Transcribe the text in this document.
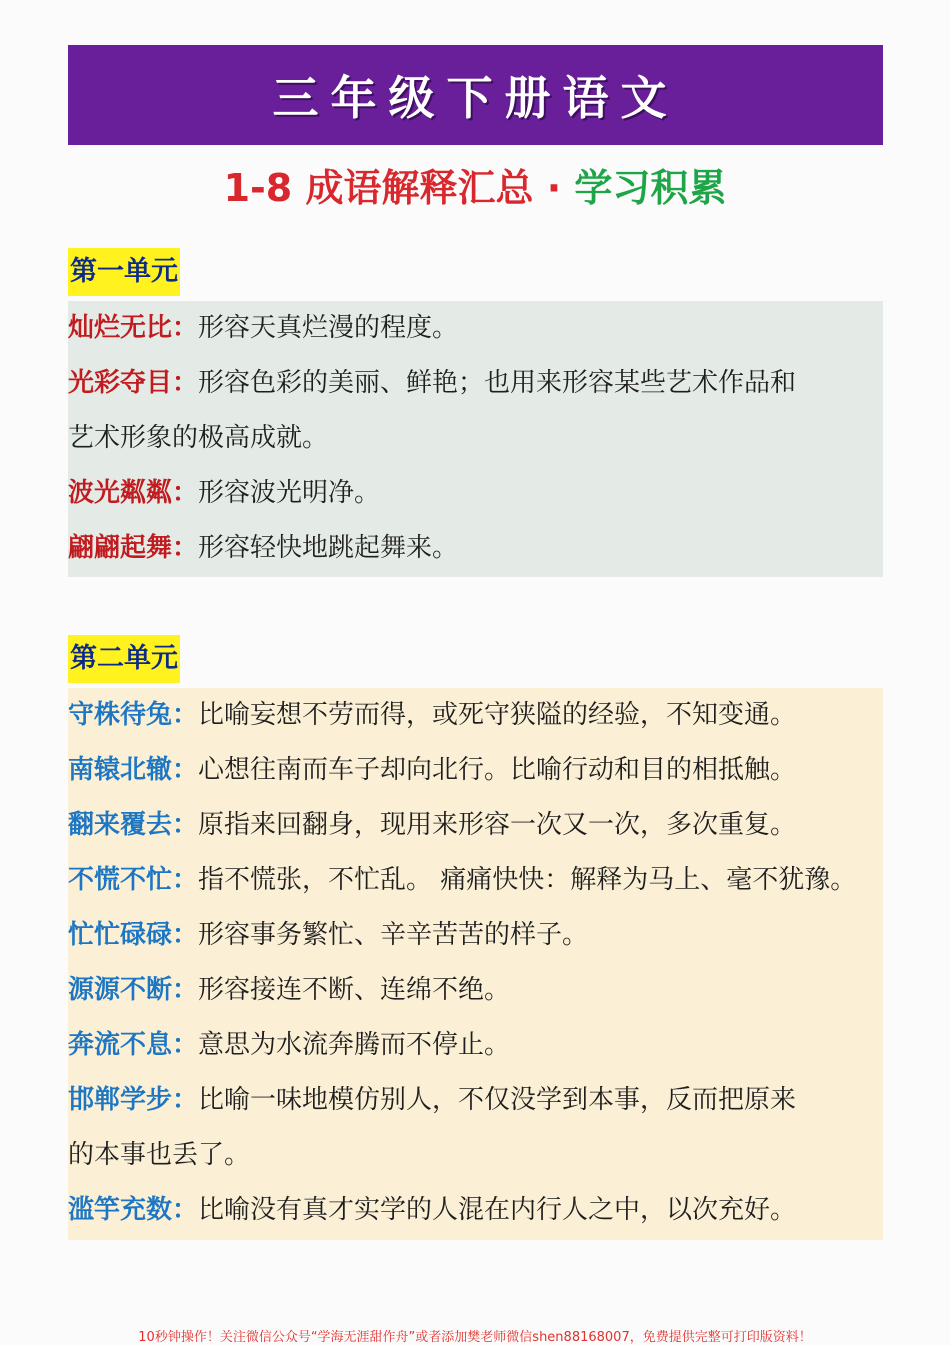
三年级下册语文
1-8 成语解释汇总 · 学习积累
第一单元
灿烂无比：形容天真烂漫的程度。
光彩夺目：形容色彩的美丽、鲜艳；也用来形容某些艺术作品和
艺术形象的极高成就。
波光粼粼：形容波光明净。
翩翩起舞：形容轻快地跳起舞来。
第二单元
守株待兔：比喻妄想不劳而得，或死守狭隘的经验，不知变通。
南辕北辙：心想往南而车子却向北行。比喻行动和目的相抵触。
翻来覆去：原指来回翻身，现用来形容一次又一次，多次重复。
不慌不忙：指不慌张，不忙乱。 痛痛快快：解释为马上、毫不犹豫。
忙忙碌碌：形容事务繁忙、辛辛苦苦的样子。
源源不断：形容接连不断、连绵不绝。
奔流不息：意思为水流奔腾而不停止。
邯郸学步：比喻一味地模仿别人，不仅没学到本事，反而把原来
的本事也丢了。
滥竽充数：比喻没有真才实学的人混在内行人之中，以次充好。
10秒钟操作！关注微信公众号“学海无涯甜作舟”或者添加樊老师微信shen88168007，免费提供完整可打印版资料！
